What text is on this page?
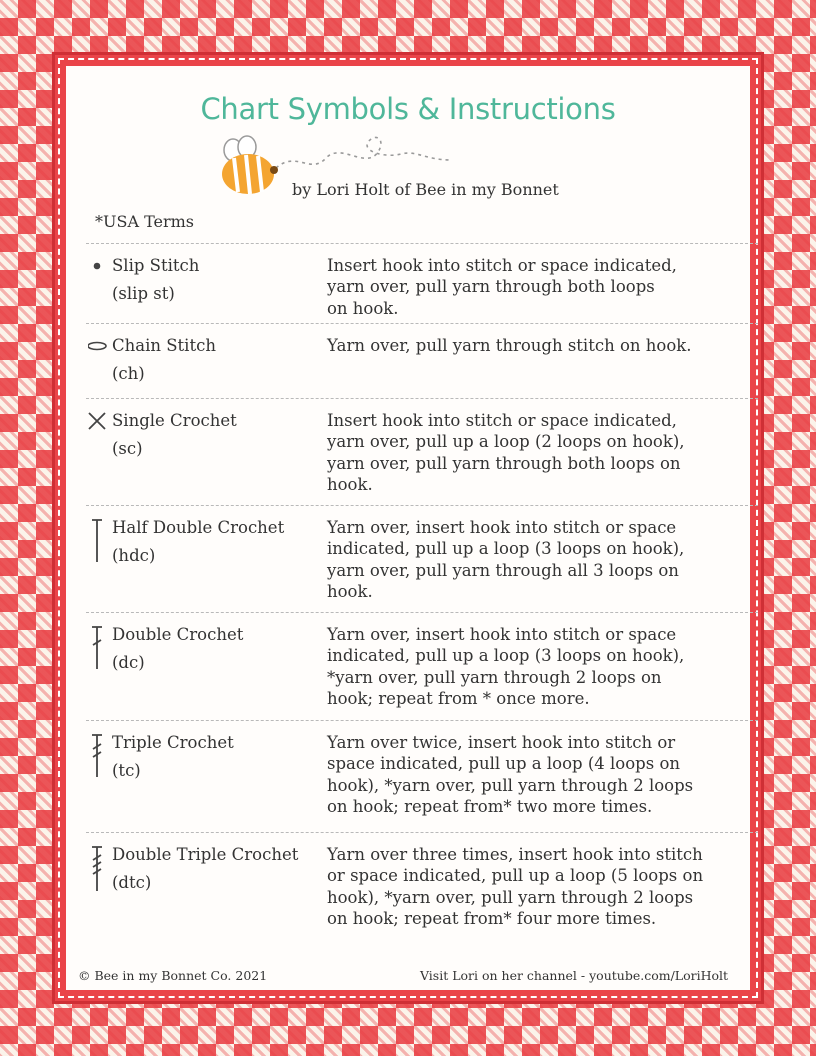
Chart Symbols & Instructions
by Lori Holt of Bee in my Bonnet
*USA Terms
Slip Stitch
(slip st)
Insert hook into stitch or space indicated,
yarn over, pull yarn through both loops
on hook.
Chain Stitch
(ch)
Yarn over, pull yarn through stitch on hook.
Single Crochet
(sc)
Insert hook into stitch or space indicated,
yarn over, pull up a loop (2 loops on hook),
yarn over, pull yarn through both loops on
hook.
Half Double Crochet
(hdc)
Yarn over, insert hook into stitch or space
indicated, pull up a loop (3 loops on hook),
yarn over, pull yarn through all 3 loops on
hook.
Double Crochet
(dc)
Yarn over, insert hook into stitch or space
indicated, pull up a loop (3 loops on hook),
*yarn over, pull yarn through 2 loops on
hook; repeat from * once more.
Triple Crochet
(tc)
Yarn over twice, insert hook into stitch or
space indicated, pull up a loop (4 loops on
hook), *yarn over, pull yarn through 2 loops
on hook; repeat from* two more times.
Double Triple Crochet
(dtc)
Yarn over three times, insert hook into stitch
or space indicated, pull up a loop (5 loops on
hook), *yarn over, pull yarn through 2 loops
on hook; repeat from* four more times.
© Bee in my Bonnet Co. 2021	Visit Lori on her channel - youtube.com/LoriHolt
